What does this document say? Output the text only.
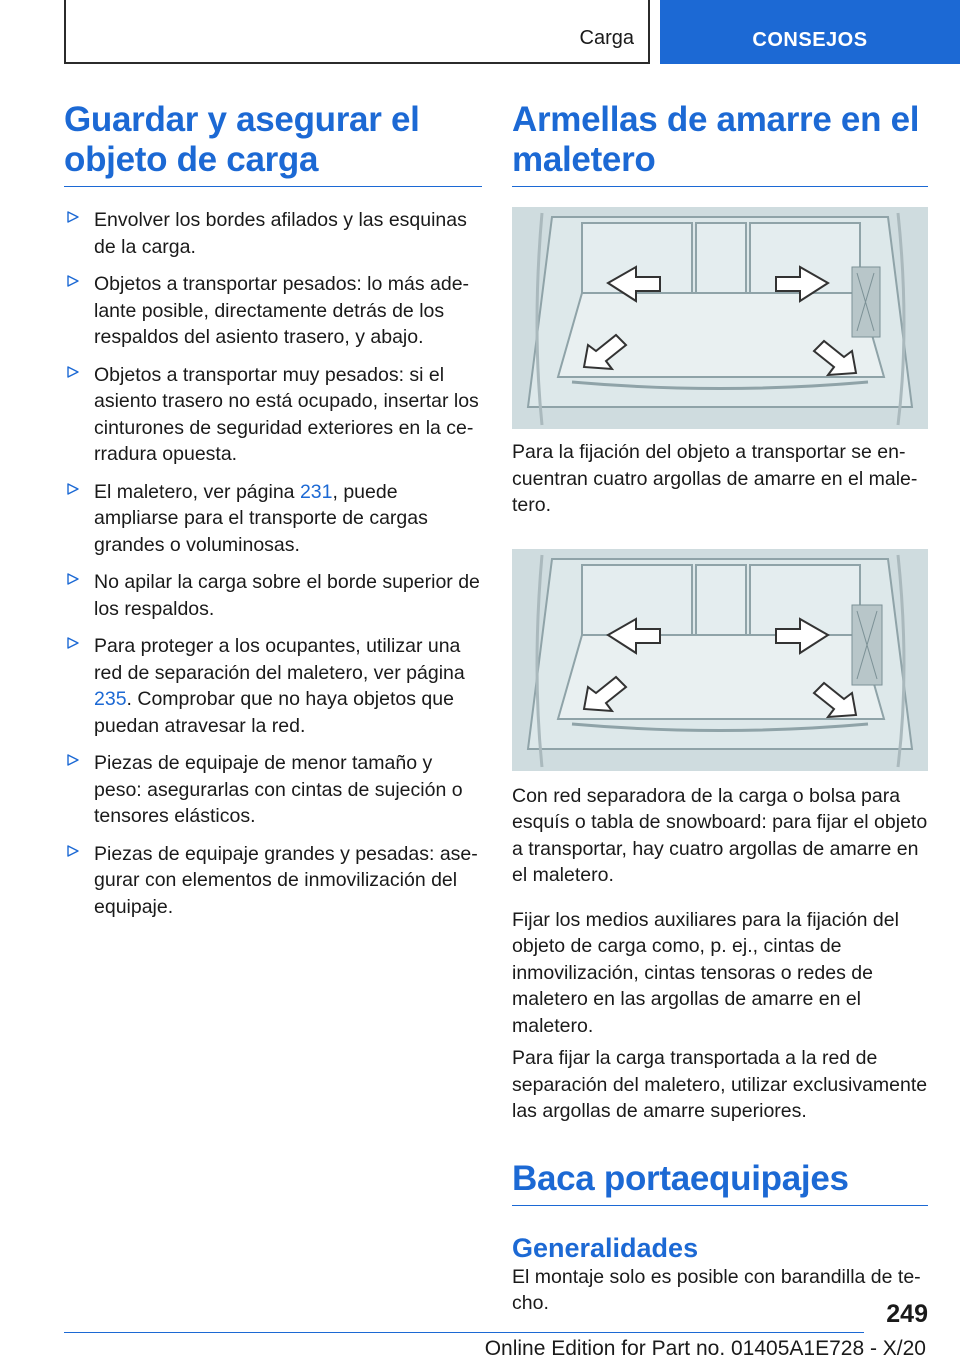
Carga	CONSEJOS
Guardar y asegurar el
objeto de carga
Envolver los bordes afilados y las esquinas de la carga.
Objetos a transportar pesados: lo más adelante posible, directamente detrás de los respaldos del asiento trasero, y abajo.
Objetos a transportar muy pesados: si el asiento trasero no está ocupado, insertar los cinturones de seguridad exteriores en la cerradura opuesta.
El maletero, ver página 231, puede ampliarse para el transporte de cargas grandes o voluminosas.
No apilar la carga sobre el borde superior de los respaldos.
Para proteger a los ocupantes, utilizar una red de separación del maletero, ver página 235. Comprobar que no haya objetos que puedan atravesar la red.
Piezas de equipaje de menor tamaño y peso: asegurarlas con cintas de sujeción o tensores elásticos.
Piezas de equipaje grandes y pesadas: asegurar con elementos de inmovilización del equipaje.
Armellas de amarre en el
maletero

Para la fijación del objeto a transportar se encuentran cuatro argollas de amarre en el maletero.

Con red separadora de la carga o bolsa para esquís o tabla de snowboard: para fijar el objeto a transportar, hay cuatro argollas de amarre en el maletero.

Fijar los medios auxiliares para la fijación del objeto de carga como, p. ej., cintas de inmovilización, cintas tensoras o redes de maletero en las argollas de amarre en el maletero.

Para fijar la carga transportada a la red de separación del maletero, utilizar exclusivamente las argollas de amarre superiores.

Baca portaequipajes
Generalidades

El montaje solo es posible con barandilla de techo.	249
Online Edition for Part no. 01405A1E728 - X/20
